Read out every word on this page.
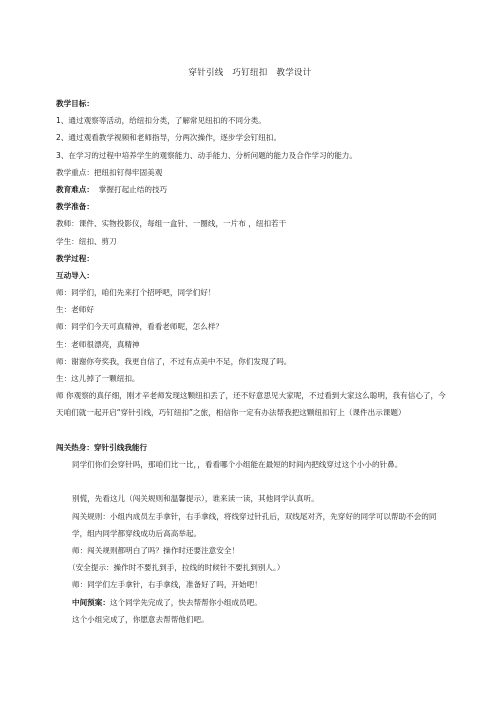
穿针引线　巧钉纽扣　教学设计
教学目标：
1、通过观察等活动，给纽扣分类，了解常见纽扣的不同分类。
2、通过观看教学视频和老师指导，分两次操作，逐步学会钉纽扣。
3、在学习的过程中培养学生的观察能力、动手能力、分析问题的能力及合作学习的能力。
教学重点：把纽扣钉得牢固美观
教育难点： 掌握打起止结的技巧
教学准备：
教师：课件、实物投影仪，每组一盒针、一圈线，一片布 ，纽扣若干
学生：纽扣、剪刀
教学过程：
互动导入：
师：同学们，咱们先来打个招呼吧，同学们好！
生：老师好
师：同学们今天可真精神，看看老师呢，怎么样？
生：老师很漂亮，真精神
师：谢谢你夸奖我，我更自信了，不过有点美中不足，你们发现了吗。
生：这儿掉了一颗纽扣。
师 你观察的真仔细，刚才辛老师发现这颗纽扣丢了，还不好意思见大家呢，不过看到大家这么聪明，我有信心了，今天咱们就一起开启“穿针引线，巧钉纽扣”之旅，相信你一定有办法帮我把这颗纽扣钉上（课件出示课题）
闯关热身：穿针引线我能行
同学们你们会穿针吗，那咱们比一比，，看看哪个小组能在最短的时间内把线穿过这个小小的针鼻。
别慌，先看这儿（闯关规则和温馨提示），谁来读一读，其他同学认真听。
闯关规则：小组内成员左手拿针，右手拿线，将线穿过针孔后，双线尾对齐，先穿好的同学可以帮助不会的同学，组内同学都穿线成功后高高举起。
师：闯关规则都明白了吗？操作时还要注意安全！
（安全提示：操作时不要扎到手，拉线的时候针不要扎到别人。）
师：同学们左手拿针，右手拿线，准备好了吗，开始吧！
中间预案：这个同学先完成了，快去帮帮你小组成员吧。
这个小组完成了，你愿意去帮帮他们吧。
